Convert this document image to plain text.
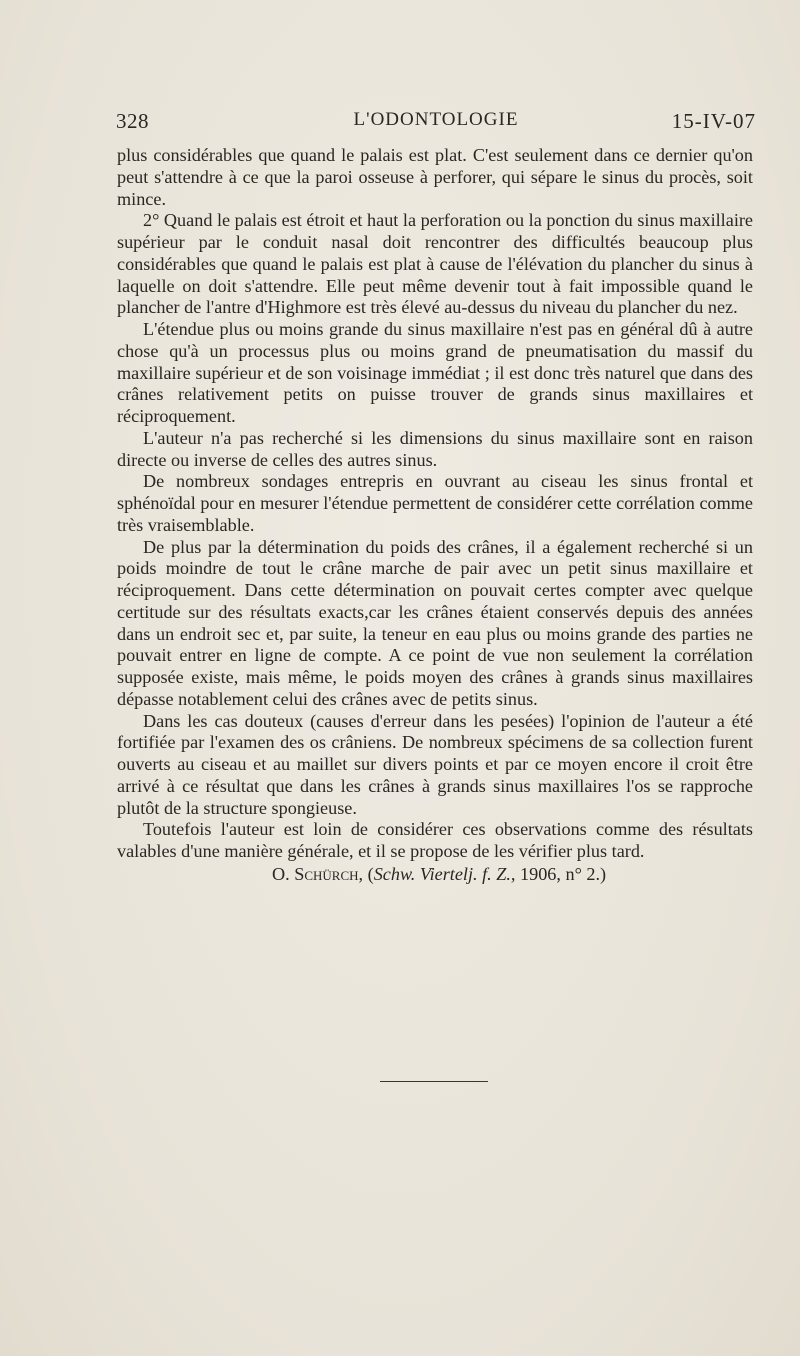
328	L'ODONTOLOGIE	15-IV-07

plus considérables que quand le palais est plat. C'est seulement dans ce dernier qu'on peut s'attendre à ce que la paroi osseuse à perforer, qui sépare le sinus du procès, soit mince.

2° Quand le palais est étroit et haut la perforation ou la ponction du sinus maxillaire supérieur par le conduit nasal doit rencontrer des difficultés beaucoup plus considérables que quand le palais est plat à cause de l'élévation du plancher du sinus à laquelle on doit s'attendre. Elle peut même devenir tout à fait impossible quand le plancher de l'antre d'Highmore est très élevé au-dessus du niveau du plancher du nez.

L'étendue plus ou moins grande du sinus maxillaire n'est pas en général dû à autre chose qu'à un processus plus ou moins grand de pneumatisation du massif du maxillaire supérieur et de son voisinage immédiat ; il est donc très naturel que dans des crânes relativement petits on puisse trouver de grands sinus maxillaires et réciproquement.

L'auteur n'a pas recherché si les dimensions du sinus maxillaire sont en raison directe ou inverse de celles des autres sinus.

De nombreux sondages entrepris en ouvrant au ciseau les sinus frontal et sphénoïdal pour en mesurer l'étendue permettent de considérer cette corrélation comme très vraisemblable.

De plus par la détermination du poids des crânes, il a également recherché si un poids moindre de tout le crâne marche de pair avec un petit sinus maxillaire et réciproquement. Dans cette détermination on pouvait certes compter avec quelque certitude sur des résultats exacts,car les crânes étaient conservés depuis des années dans un endroit sec et, par suite, la teneur en eau plus ou moins grande des parties ne pouvait entrer en ligne de compte. A ce point de vue non seulement la corrélation supposée existe, mais même, le poids moyen des crânes à grands sinus maxillaires dépasse notablement celui des crânes avec de petits sinus.

Dans les cas douteux (causes d'erreur dans les pesées) l'opinion de l'auteur a été fortifiée par l'examen des os crâniens. De nombreux spécimens de sa collection furent ouverts au ciseau et au maillet sur divers points et par ce moyen encore il croit être arrivé à ce résultat que dans les crânes à grands sinus maxillaires l'os se rapproche plutôt de la structure spongieuse.

Toutefois l'auteur est loin de considérer ces observations comme des résultats valables d'une manière générale, et il se propose de les vérifier plus tard.

O. Schürch, (Schw. Viertelj. f. Z., 1906, n° 2.)
